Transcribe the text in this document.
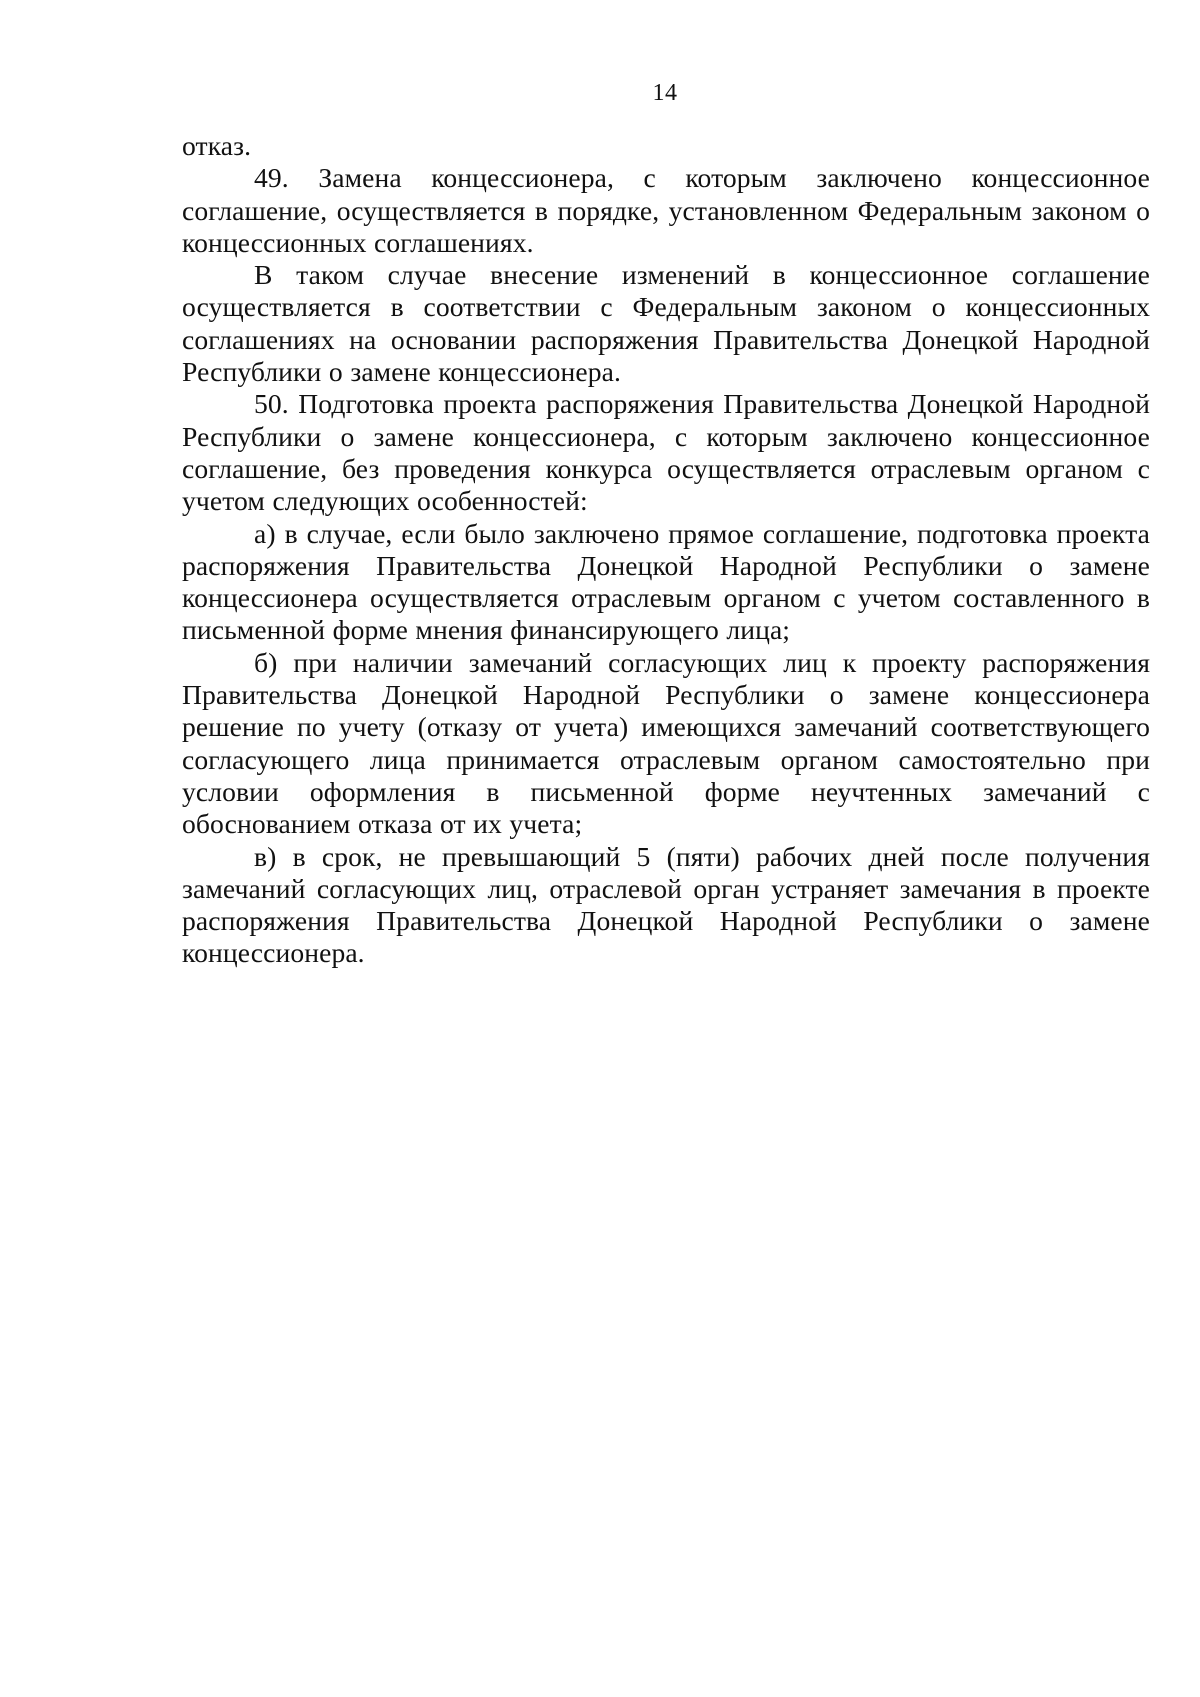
14

отказ.

49. Замена концессионера, с которым заключено концессионное соглашение, осуществляется в порядке, установленном Федеральным законом о концессионных соглашениях.

В таком случае внесение изменений в концессионное соглашение осуществляется в соответствии с Федеральным законом о концессионных соглашениях на основании распоряжения Правительства Донецкой Народной Республики о замене концессионера.

50. Подготовка проекта распоряжения Правительства Донецкой Народной Республики о замене концессионера, с которым заключено концессионное соглашение, без проведения конкурса осуществляется отраслевым органом с учетом следующих особенностей:

а) в случае, если было заключено прямое соглашение, подготовка проекта распоряжения Правительства Донецкой Народной Республики о замене концессионера осуществляется отраслевым органом с учетом составленного в письменной форме мнения финансирующего лица;

б) при наличии замечаний согласующих лиц к проекту распоряжения Правительства Донецкой Народной Республики о замене концессионера решение по учету (отказу от учета) имеющихся замечаний соответствующего согласующего лица принимается отраслевым органом самостоятельно при условии оформления в письменной форме неучтенных замечаний с обоснованием отказа от их учета;

в) в срок, не превышающий 5 (пяти) рабочих дней после получения замечаний согласующих лиц, отраслевой орган устраняет замечания в проекте распоряжения Правительства Донецкой Народной Республики о замене концессионера.
